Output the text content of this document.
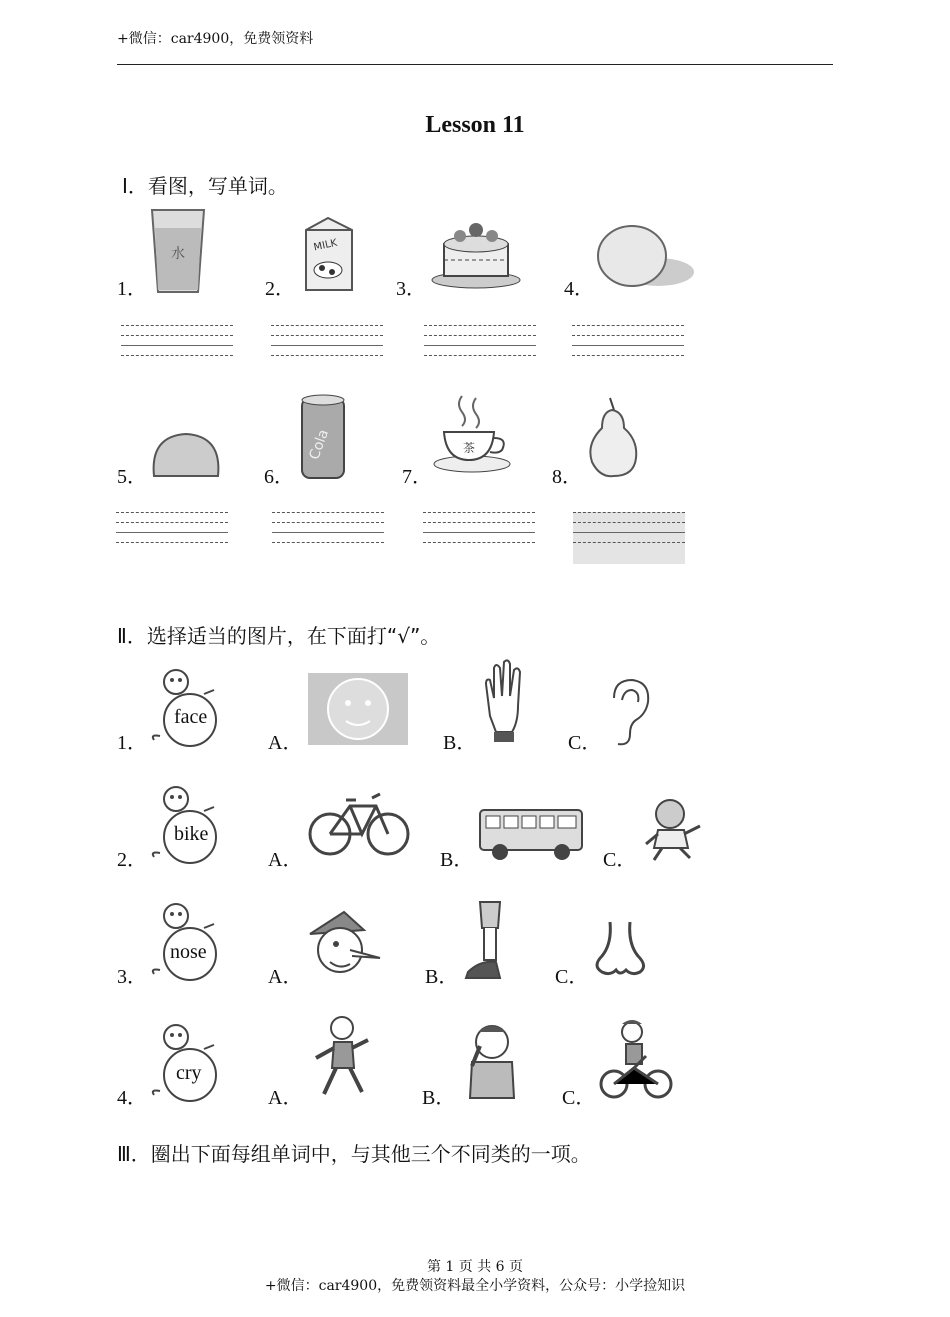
+微信：car4900，免费领资料
Lesson 11
I．看图，写单词。
1．
水
2．
MILK
3．	4．
5．	6．
Cola
7．
茶
8．
Ⅱ．选择适当的图片，在下面打“√”。
1．
face
A．	B．	C．
2．
bike
A．	B．	C．
3．
nose
A．	B．	C．
4．
cry
A．	B．	C．
Ⅲ．圈出下面每组单词中，与其他三个不同类的一项。
第 1 页 共 6 页
+微信：car4900，免费领资料最全小学资料，公众号：小学捡知识
